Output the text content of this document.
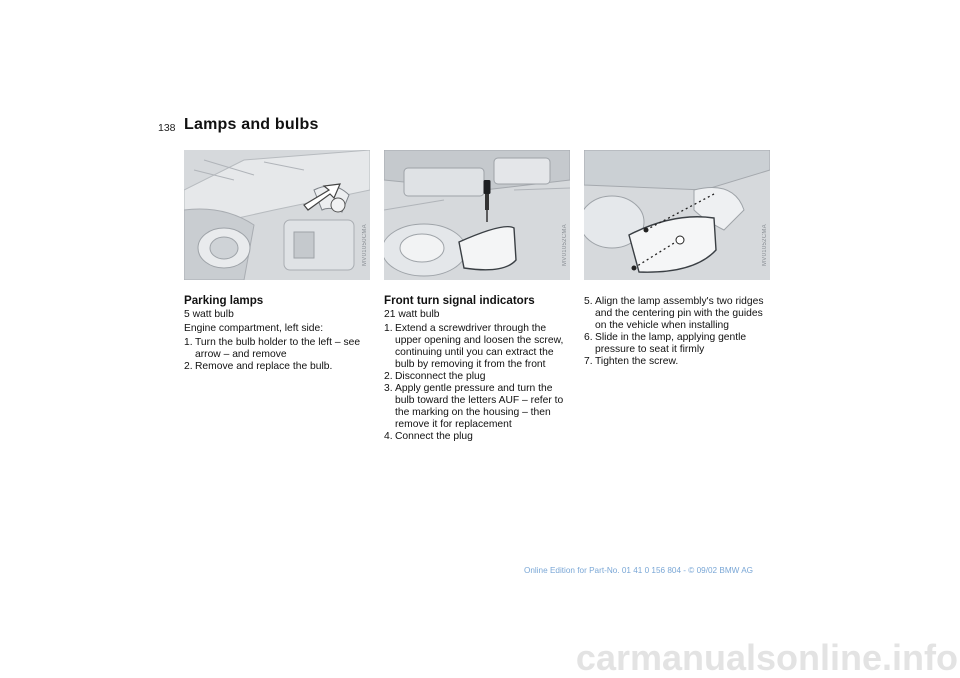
138 Lamps and bulbs
MV01050CMA	MV01052CMA	MV01052CMA
Parking lamps

5 watt bulb

Engine compartment, left side:

1. Turn the bulb holder to the left – see arrow – and remove
2. Remove and replace the bulb.
Front turn signal indicators

21 watt bulb

1. Extend a screwdriver through the upper opening and loosen the screw, continuing until you can extract the bulb by removing it from the front
2. Disconnect the plug
3. Apply gentle pressure and turn the bulb toward the letters AUF – refer to the marking on the housing – then remove it for replacement
4. Connect the plug
5. Align the lamp assembly's two ridges and the centering pin with the guides on the vehicle when installing
6. Slide in the lamp, applying gentle pressure to seat it firmly
7. Tighten the screw.
Online Edition for Part-No. 01 41 0 156 804 - © 09/02 BMW AG
carmanualsonline.info
